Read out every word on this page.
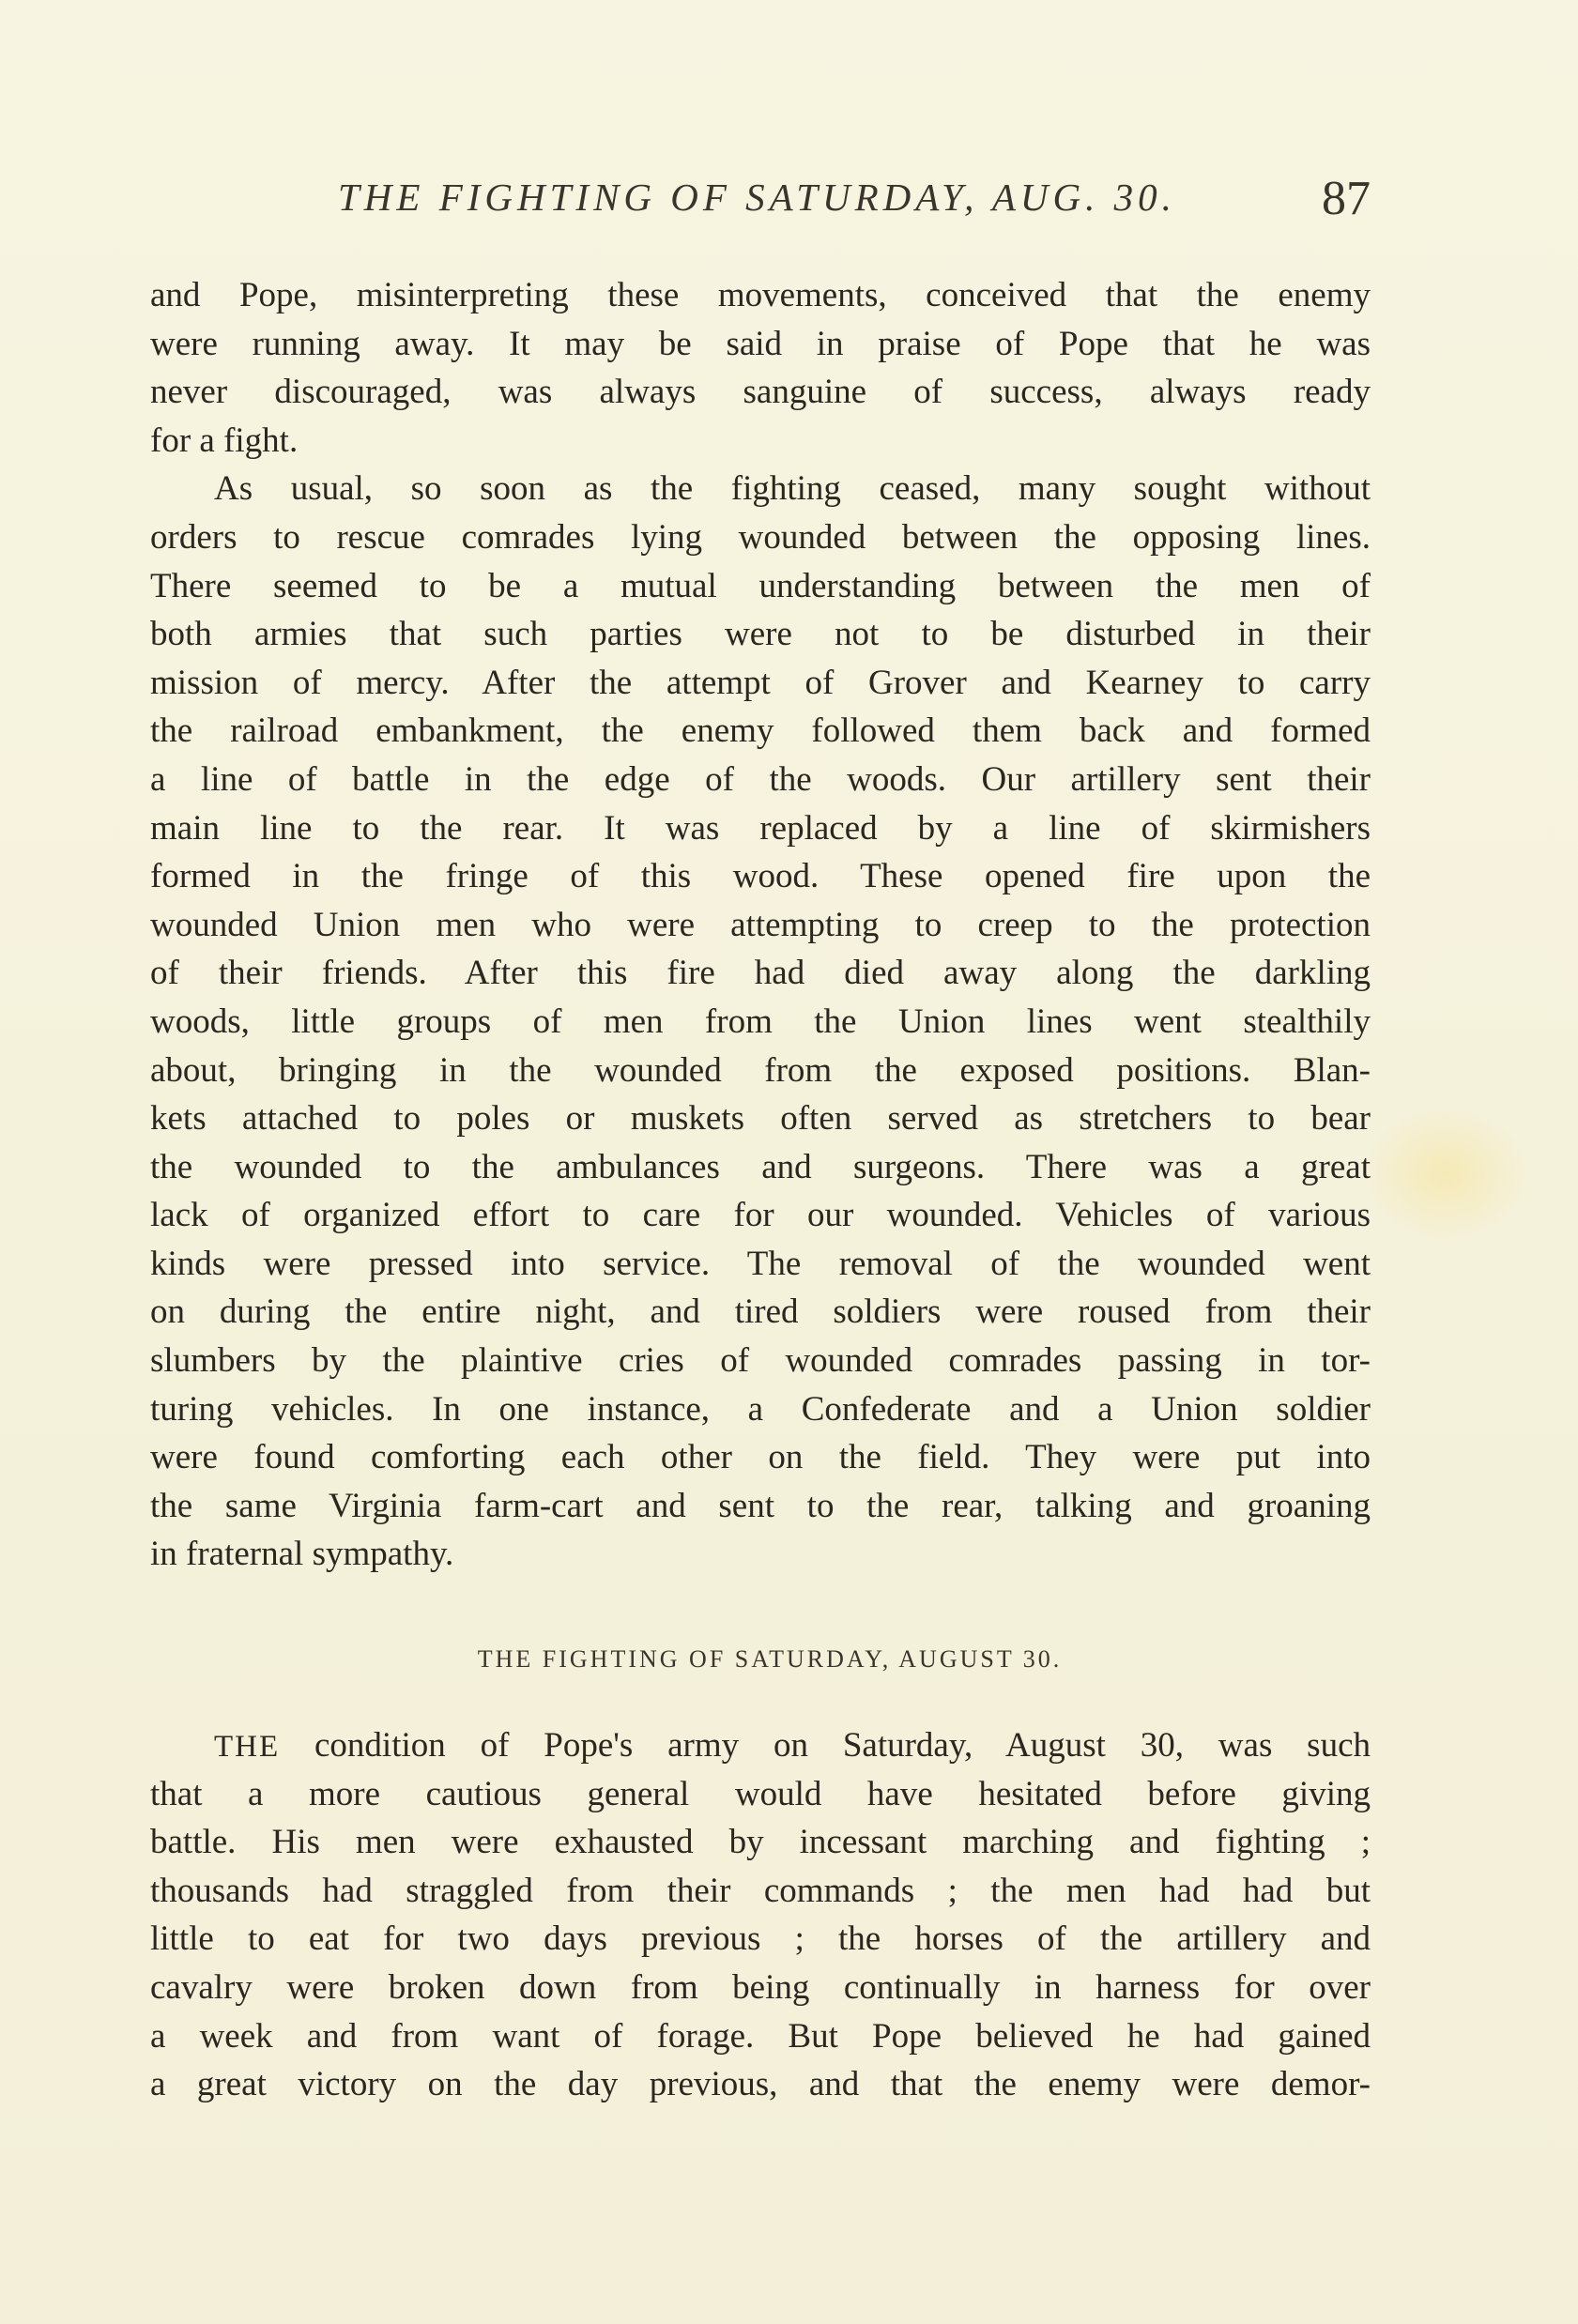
THE FIGHTING OF SATURDAY, AUG. 30.	87

and Pope, misinterpreting these movements, conceived that the enemy
were running away. It may be said in praise of Pope that he was
never discouraged, was always sanguine of success, always ready
for a fight.

As usual, so soon as the fighting ceased, many sought without
orders to rescue comrades lying wounded between the opposing lines.
There seemed to be a mutual understanding between the men of
both armies that such parties were not to be disturbed in their
mission of mercy. After the attempt of Grover and Kearney to carry
the railroad embankment, the enemy followed them back and formed
a line of battle in the edge of the woods. Our artillery sent their
main line to the rear. It was replaced by a line of skirmishers
formed in the fringe of this wood. These opened fire upon the
wounded Union men who were attempting to creep to the protection
of their friends. After this fire had died away along the darkling
woods, little groups of men from the Union lines went stealthily
about, bringing in the wounded from the exposed positions. Blan-
kets attached to poles or muskets often served as stretchers to bear
the wounded to the ambulances and surgeons. There was a great
lack of organized effort to care for our wounded. Vehicles of various
kinds were pressed into service. The removal of the wounded went
on during the entire night, and tired soldiers were roused from their
slumbers by the plaintive cries of wounded comrades passing in tor-
turing vehicles. In one instance, a Confederate and a Union soldier
were found comforting each other on the field. They were put into
the same Virginia farm-cart and sent to the rear, talking and groaning
in fraternal sympathy.

THE FIGHTING OF SATURDAY, AUGUST 30.

THE condition of Pope's army on Saturday, August 30, was such
that a more cautious general would have hesitated before giving
battle. His men were exhausted by incessant marching and fighting ;
thousands had straggled from their commands ; the men had had but
little to eat for two days previous ; the horses of the artillery and
cavalry were broken down from being continually in harness for over
a week and from want of forage. But Pope believed he had gained
a great victory on the day previous, and that the enemy were demor-
